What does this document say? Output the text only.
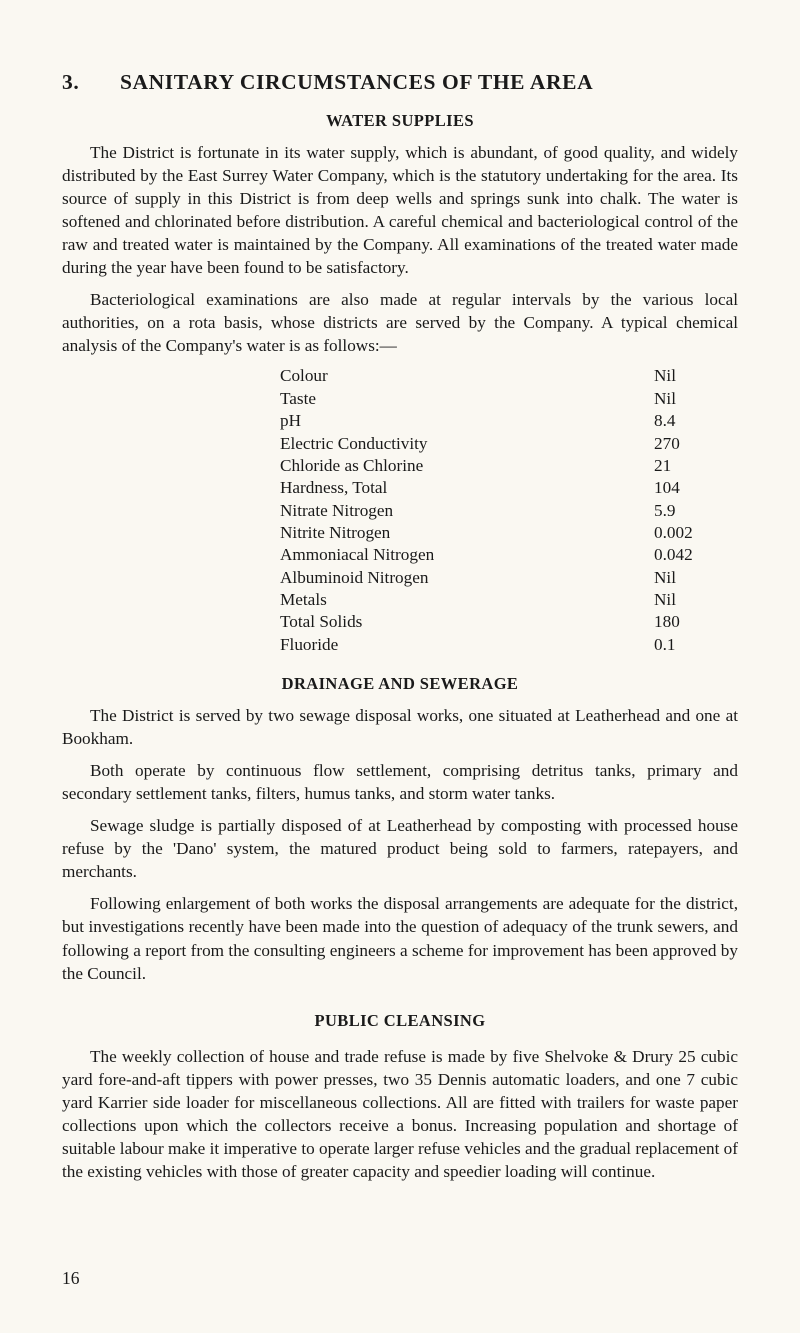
3.	SANITARY CIRCUMSTANCES OF THE AREA
WATER SUPPLIES

The District is fortunate in its water supply, which is abundant, of good quality, and widely distributed by the East Surrey Water Company, which is the statutory undertaking for the area. Its source of supply in this District is from deep wells and springs sunk into chalk. The water is softened and chlorinated before distribution. A careful chemical and bacteriological control of the raw and treated water is maintained by the Company. All examinations of the treated water made during the year have been found to be satisfactory.

Bacteriological examinations are also made at regular intervals by the various local authorities, on a rota basis, whose districts are served by the Company. A typical chemical analysis of the Company's water is as follows:—

Colour	Nil
Taste	Nil
pH	8.4
Electric Conductivity	270
Chloride as Chlorine	21
Hardness, Total	104
Nitrate Nitrogen	5.9
Nitrite Nitrogen	0.002
Ammoniacal Nitrogen	0.042
Albuminoid Nitrogen	Nil
Metals	Nil
Total Solids	180
Fluoride	0.1
DRAINAGE AND SEWERAGE

The District is served by two sewage disposal works, one situated at Leatherhead and one at Bookham.

Both operate by continuous flow settlement, comprising detritus tanks, primary and secondary settlement tanks, filters, humus tanks, and storm water tanks.

Sewage sludge is partially disposed of at Leatherhead by composting with processed house refuse by the 'Dano' system, the matured product being sold to farmers, ratepayers, and merchants.

Following enlargement of both works the disposal arrangements are adequate for the district, but investigations recently have been made into the question of adequacy of the trunk sewers, and following a report from the consulting engineers a scheme for improvement has been approved by the Council.

PUBLIC CLEANSING

The weekly collection of house and trade refuse is made by five Shelvoke & Drury 25 cubic yard fore-and-aft tippers with power presses, two 35 Dennis automatic loaders, and one 7 cubic yard Karrier side loader for miscellaneous collections. All are fitted with trailers for waste paper collections upon which the collectors receive a bonus. Increasing population and shortage of suitable labour make it imperative to operate larger refuse vehicles and the gradual replacement of the existing vehicles with those of greater capacity and speedier loading will continue.

16
